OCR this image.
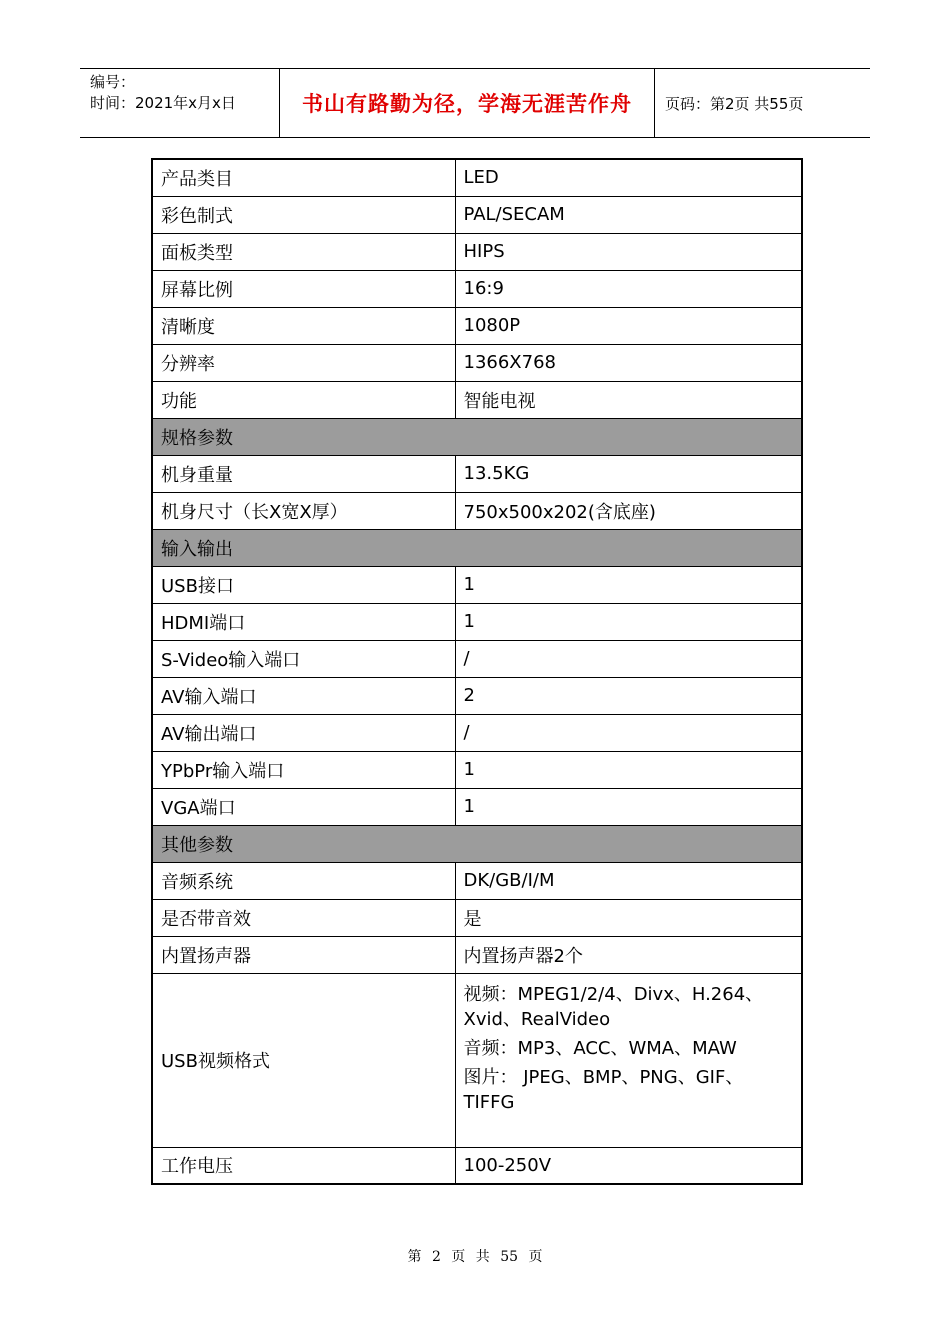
编号：
时间：2021年x月x日	书山有路勤为径，学海无涯苦作舟	页码：第2页 共55页
产品类目	LED
彩色制式	PAL/SECAM
面板类型	HIPS
屏幕比例	16:9
清晰度	1080P
分辨率	1366X768
功能	智能电视
规格参数	
机身重量	13.5KG
机身尺寸（长X宽X厚）	750x500x202(含底座)
输入输出	
USB接口	1
HDMI端口	1
S-Video输入端口	/
AV输入端口	2
AV输出端口	/
YPbPr输入端口	1
VGA端口	1
其他参数	
音频系统	DK/GB/I/M
是否带音效	是
内置扬声器	内置扬声器2个
USB视频格式	视频：MPEG1/2/4、Divx、H.264、Xvid、RealVideo
音频：MP3、ACC、WMA、MAW
图片： JPEG、BMP、PNG、GIF、TIFFG

工作电压	100-250V
第 2 页 共 55 页
